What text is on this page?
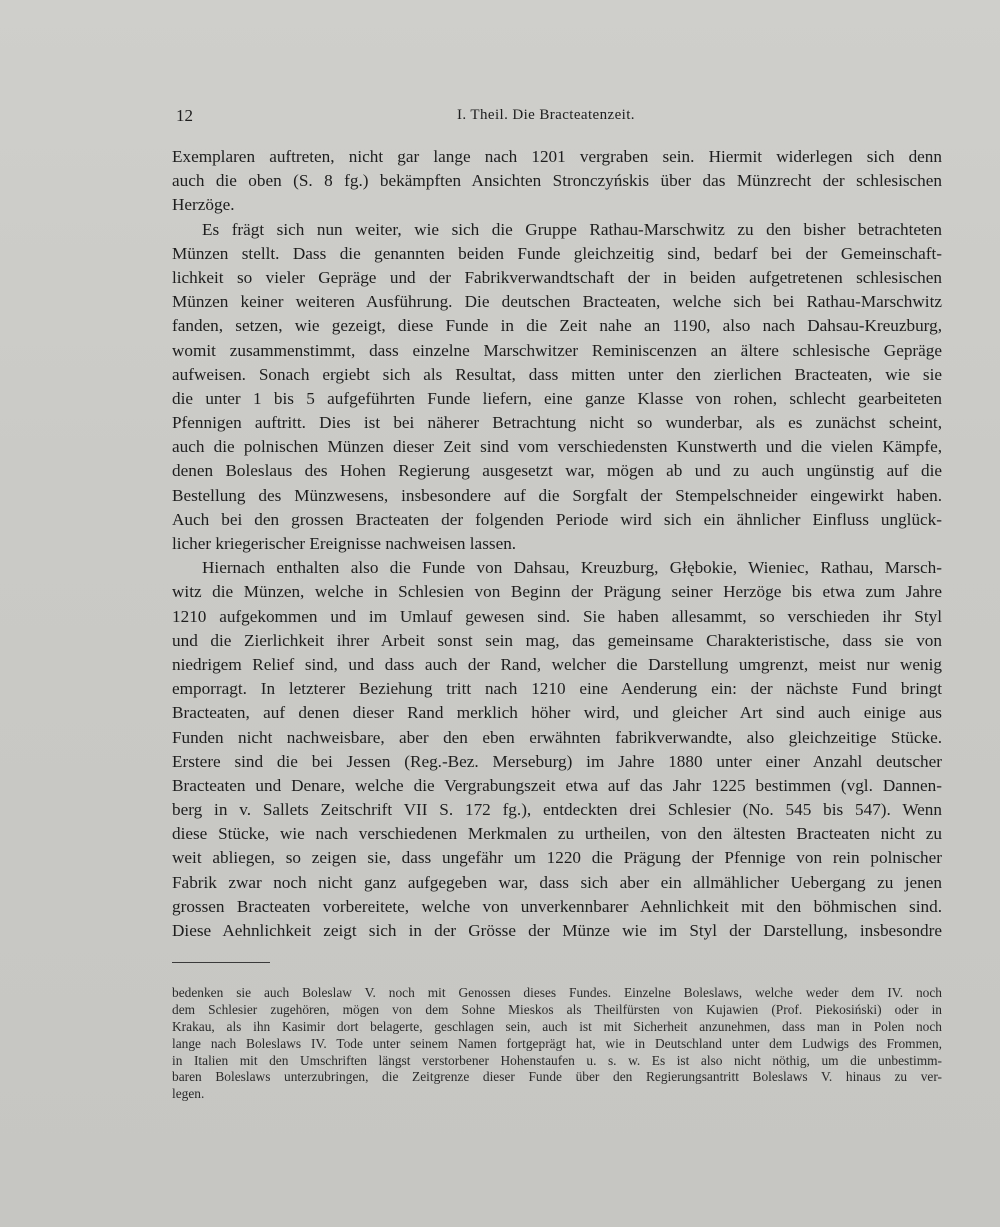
12	I. Theil. Die Bracteatenzeit.
Exemplaren auftreten, nicht gar lange nach 1201 vergraben sein. Hiermit widerlegen sich denn
auch die oben (S. 8 fg.) bekämpften Ansichten Stronczyńskis über das Münzrecht der schlesischen
Herzöge.
Es frägt sich nun weiter, wie sich die Gruppe Rathau-Marschwitz zu den bisher betrachteten
Münzen stellt. Dass die genannten beiden Funde gleichzeitig sind, bedarf bei der Gemeinschaft-
lichkeit so vieler Gepräge und der Fabrikverwandtschaft der in beiden aufgetretenen schlesischen
Münzen keiner weiteren Ausführung. Die deutschen Bracteaten, welche sich bei Rathau-Marschwitz
fanden, setzen, wie gezeigt, diese Funde in die Zeit nahe an 1190, also nach Dahsau-Kreuzburg,
womit zusammenstimmt, dass einzelne Marschwitzer Reminiscenzen an ältere schlesische Gepräge
aufweisen. Sonach ergiebt sich als Resultat, dass mitten unter den zierlichen Bracteaten, wie sie
die unter 1 bis 5 aufgeführten Funde liefern, eine ganze Klasse von rohen, schlecht gearbeiteten
Pfennigen auftritt. Dies ist bei näherer Betrachtung nicht so wunderbar, als es zunächst scheint,
auch die polnischen Münzen dieser Zeit sind vom verschiedensten Kunstwerth und die vielen Kämpfe,
denen Boleslaus des Hohen Regierung ausgesetzt war, mögen ab und zu auch ungünstig auf die
Bestellung des Münzwesens, insbesondere auf die Sorgfalt der Stempelschneider eingewirkt haben.
Auch bei den grossen Bracteaten der folgenden Periode wird sich ein ähnlicher Einfluss unglück-
licher kriegerischer Ereignisse nachweisen lassen.
Hiernach enthalten also die Funde von Dahsau, Kreuzburg, Głębokie, Wieniec, Rathau, Marsch-
witz die Münzen, welche in Schlesien von Beginn der Prägung seiner Herzöge bis etwa zum Jahre
1210 aufgekommen und im Umlauf gewesen sind. Sie haben allesammt, so verschieden ihr Styl
und die Zierlichkeit ihrer Arbeit sonst sein mag, das gemeinsame Charakteristische, dass sie von
niedrigem Relief sind, und dass auch der Rand, welcher die Darstellung umgrenzt, meist nur wenig
emporragt. In letzterer Beziehung tritt nach 1210 eine Aenderung ein: der nächste Fund bringt
Bracteaten, auf denen dieser Rand merklich höher wird, und gleicher Art sind auch einige aus
Funden nicht nachweisbare, aber den eben erwähnten fabrikverwandte, also gleichzeitige Stücke.
Erstere sind die bei Jessen (Reg.-Bez. Merseburg) im Jahre 1880 unter einer Anzahl deutscher
Bracteaten und Denare, welche die Vergrabungszeit etwa auf das Jahr 1225 bestimmen (vgl. Dannen-
berg in v. Sallets Zeitschrift VII S. 172 fg.), entdeckten drei Schlesier (No. 545 bis 547). Wenn
diese Stücke, wie nach verschiedenen Merkmalen zu urtheilen, von den ältesten Bracteaten nicht zu
weit abliegen, so zeigen sie, dass ungefähr um 1220 die Prägung der Pfennige von rein polnischer
Fabrik zwar noch nicht ganz aufgegeben war, dass sich aber ein allmählicher Uebergang zu jenen
grossen Bracteaten vorbereitete, welche von unverkennbarer Aehnlichkeit mit den böhmischen sind.
Diese Aehnlichkeit zeigt sich in der Grösse der Münze wie im Styl der Darstellung, insbesondre
bedenken sie auch Boleslaw V. noch mit Genossen dieses Fundes. Einzelne Boleslaws, welche weder dem IV. noch
dem Schlesier zugehören, mögen von dem Sohne Mieskos als Theilfürsten von Kujawien (Prof. Piekosiński) oder in
Krakau, als ihn Kasimir dort belagerte, geschlagen sein, auch ist mit Sicherheit anzunehmen, dass man in Polen noch
lange nach Boleslaws IV. Tode unter seinem Namen fortgeprägt hat, wie in Deutschland unter dem Ludwigs des Frommen,
in Italien mit den Umschriften längst verstorbener Hohenstaufen u. s. w. Es ist also nicht nöthig, um die unbestimm-
baren Boleslaws unterzubringen, die Zeitgrenze dieser Funde über den Regierungsantritt Boleslaws V. hinaus zu ver-
legen.
